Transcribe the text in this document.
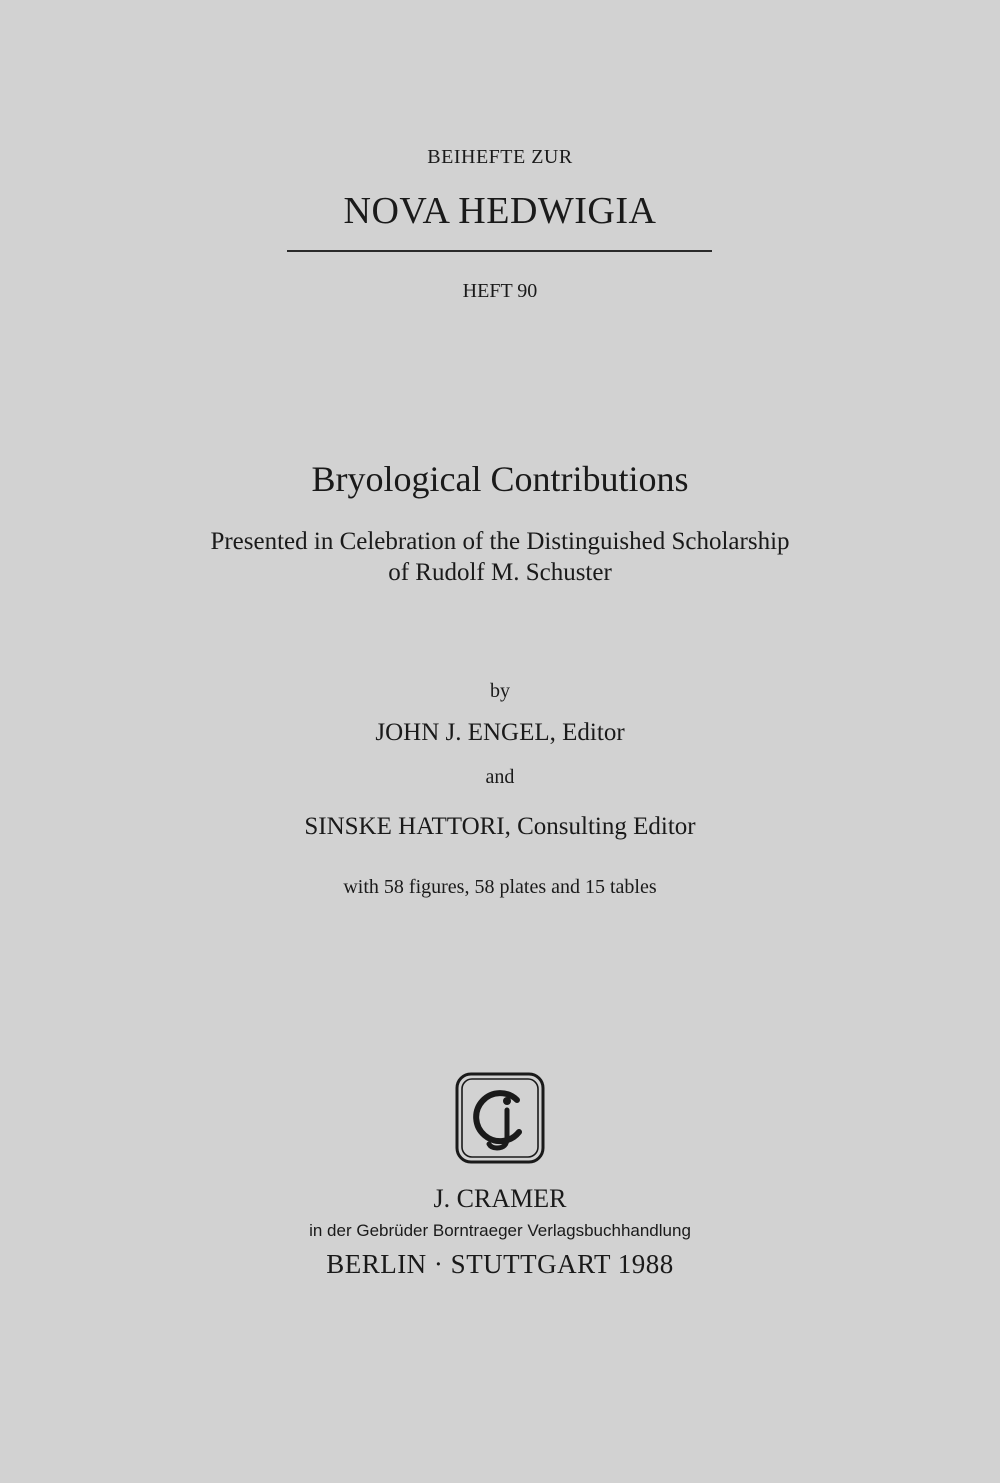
BEIHEFTE ZUR
NOVA HEDWIGIA
HEFT 90
Bryological Contributions
Presented in Celebration of the Distinguished Scholarship
of Rudolf M. Schuster
by
JOHN J. ENGEL, Editor
and
SINSKE HATTORI, Consulting Editor
with 58 figures, 58 plates and 15 tables
J. CRAMER
in der Gebrüder Borntraeger Verlagsbuchhandlung
BERLIN · STUTTGART 1988
